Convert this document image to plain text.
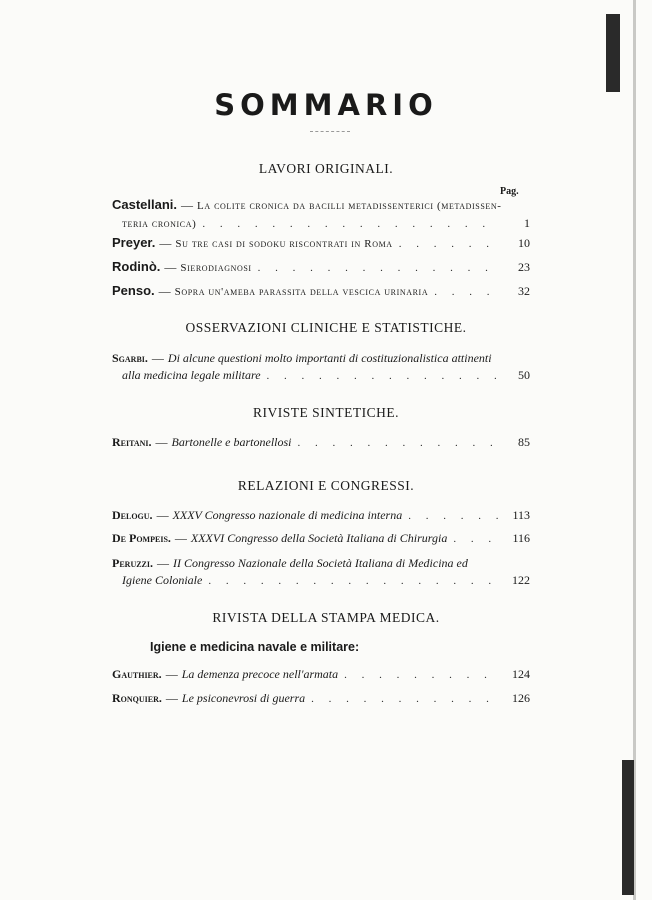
SOMMARIO
LAVORI ORIGINALI.
Pag.
Castellani. — La colite cronica da bacilli metadissenterici (metadissen-
teria cronica) . . .	1
Preyer. — Su tre casi di sodoku riscontrati in Roma . . .	10
Rodinò. — Sierodiagnosi . . .	23
Penso. — Sopra un'ameba parassita della vescica urinaria . . .	32
OSSERVAZIONI CLINICHE E STATISTICHE.
Sgarbi. — Di alcune questioni molto importanti di costituzionalistica attinenti
alla medicina legale militare . . .	50
RIVISTE SINTETICHE.
Reitani. — Bartonelle e bartonellosi . . .	85
RELAZIONI E CONGRESSI.
Delogu. — XXXV Congresso nazionale di medicina interna . . .	113
De Pompeis. — XXXVI Congresso della Società Italiana di Chirurgia . . .	116
Peruzzi. — II Congresso Nazionale della Società Italiana di Medicina ed
Igiene Coloniale . . .	122
RIVISTA DELLA STAMPA MEDICA.
Igiene e medicina navale e militare:
Gauthier. — La demenza precoce nell'armata . . .	124
Ronquier. — Le psiconevrosi di guerra . . .	126
